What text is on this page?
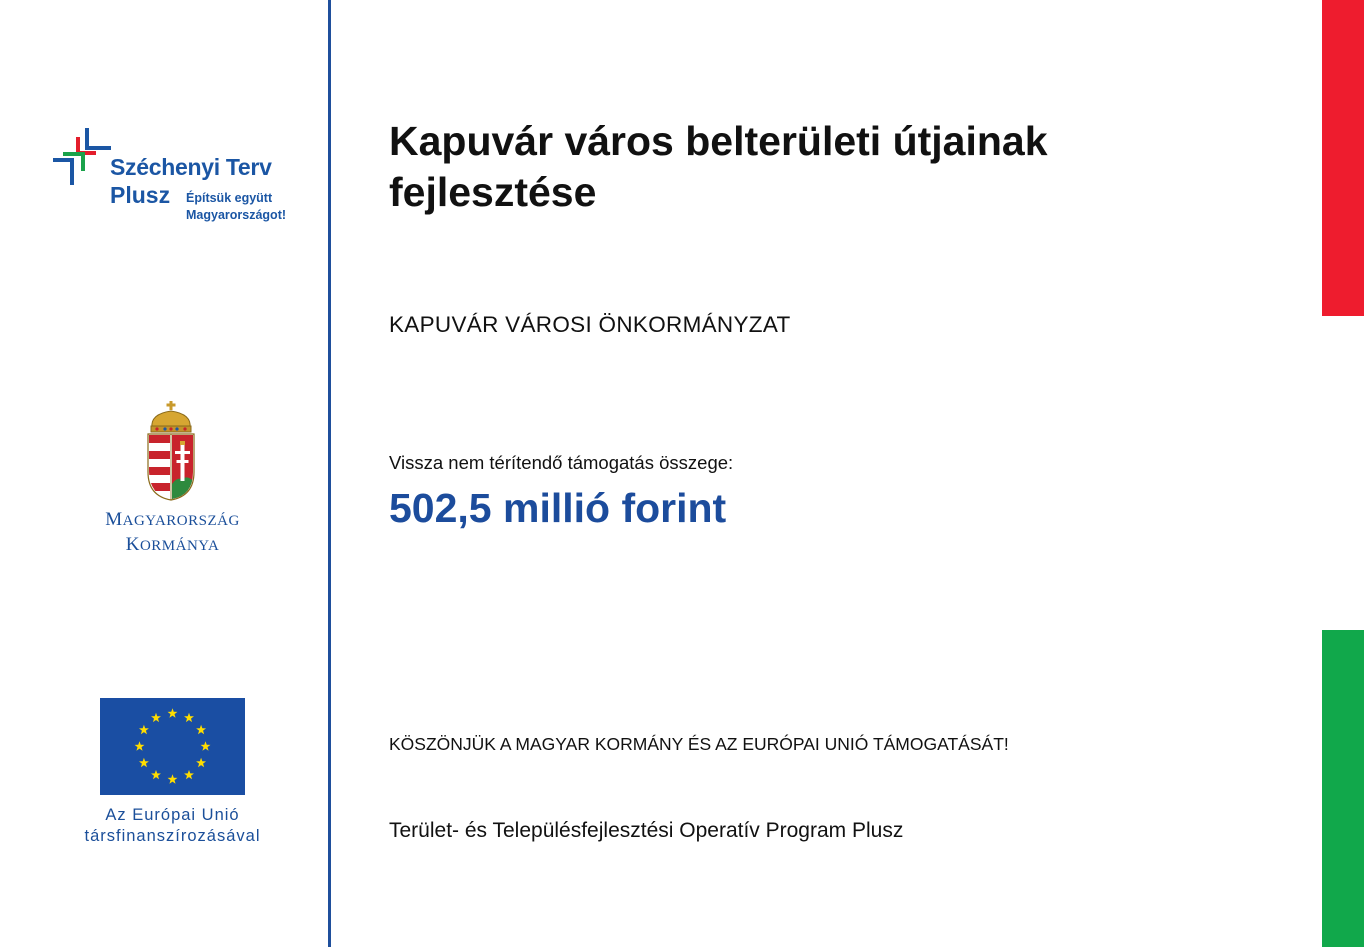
Széchenyi Terv
Plusz Építsük együtt
Magyarországot!
MAGYARORSZÁG
KORMÁNYA
Az Európai Unió
társfinanszírozásával
Kapuvár város belterületi útjainak
fejlesztése
KAPUVÁR VÁROSI ÖNKORMÁNYZAT
Vissza nem térítendő támogatás összege:
502,5 millió forint
KÖSZÖNJÜK A MAGYAR KORMÁNY ÉS AZ EURÓPAI UNIÓ TÁMOGATÁSÁT!
Terület- és Településfejlesztési Operatív Program Plusz
